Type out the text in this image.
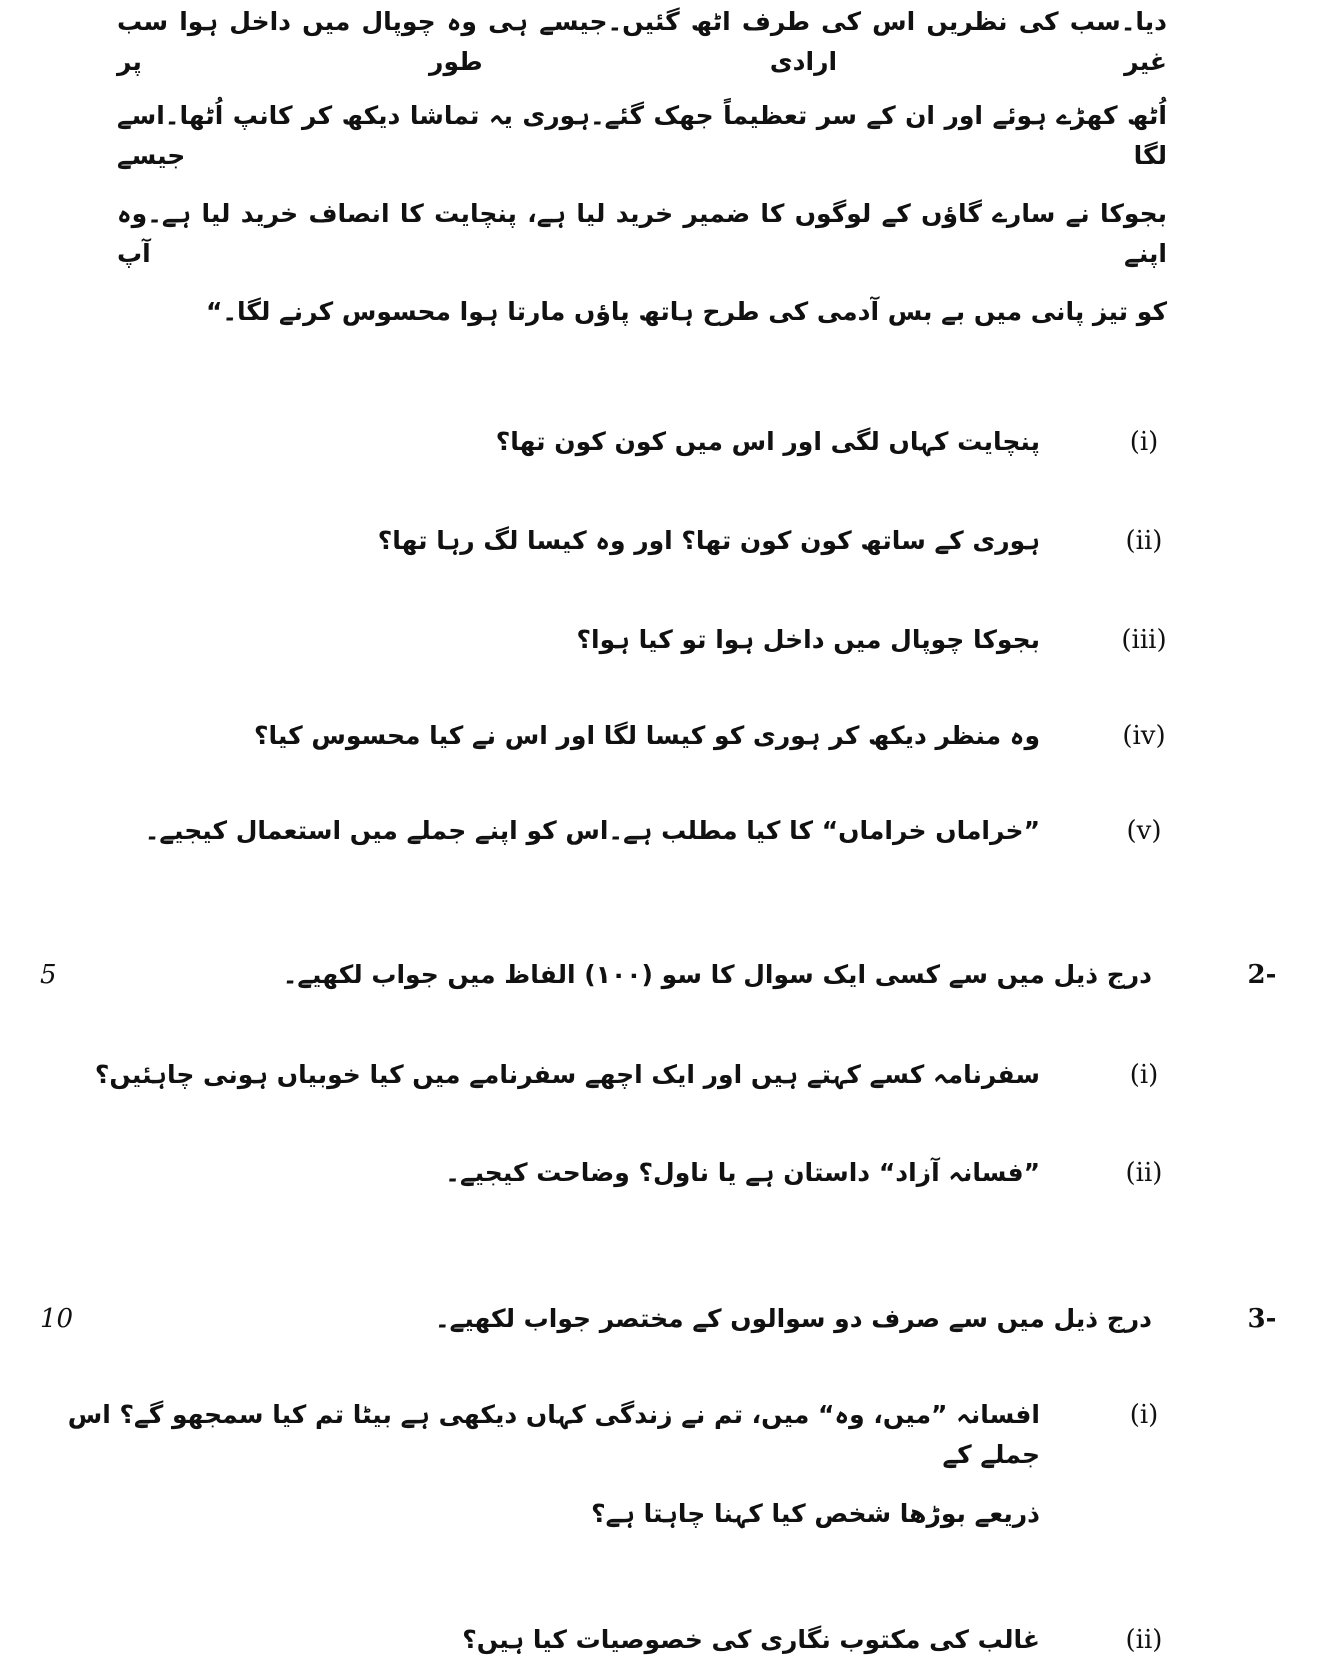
دیا۔سب کی نظریں اس کی طرف اٹھ گئیں۔جیسے ہی وہ چوپال میں داخل ہوا سب غیر ارادی طور پر
اُٹھ کھڑے ہوئے اور ان کے سر تعظیماً جھک گئے۔ہوری یہ تماشا دیکھ کر کانپ اُٹھا۔اسے لگا جیسے
بجوکا نے سارے گاؤں کے لوگوں کا ضمیر خرید لیا ہے، پنچایت کا انصاف خرید لیا ہے۔وہ اپنے آپ
کو تیز پانی میں بے بس آدمی کی طرح ہاتھ پاؤں مارتا ہوا محسوس کرنے لگا۔“
(i)
پنچایت کہاں لگی اور اس میں کون کون تھا؟
(ii)
ہوری کے ساتھ کون کون تھا؟ اور وہ کیسا لگ رہا تھا؟
(iii)
بجوکا چوپال میں داخل ہوا تو کیا ہوا؟
(iv)
وہ منظر دیکھ کر ہوری کو کیسا لگا اور اس نے کیا محسوس کیا؟
(v)
”خراماں خراماں“ کا کیا مطلب ہے۔اس کو اپنے جملے میں استعمال کیجیے۔
2-
درج ذیل میں سے کسی ایک سوال کا سو (۱۰۰) الفاظ میں جواب لکھیے۔
5
(i)
سفرنامہ کسے کہتے ہیں اور ایک اچھے سفرنامے میں کیا خوبیاں ہونی چاہئیں؟
(ii)
”فسانہ آزاد“ داستان ہے یا ناول؟ وضاحت کیجیے۔
3-
درج ذیل میں سے صرف دو سوالوں کے مختصر جواب لکھیے۔
10
(i)
افسانہ ”میں، وہ“ میں، تم نے زندگی کہاں دیکھی ہے بیٹا تم کیا سمجھو گے؟ اس جملے کے
ذریعے بوڑھا شخص کیا کہنا چاہتا ہے؟
(ii)
غالب کی مکتوب نگاری کی خصوصیات کیا ہیں؟
